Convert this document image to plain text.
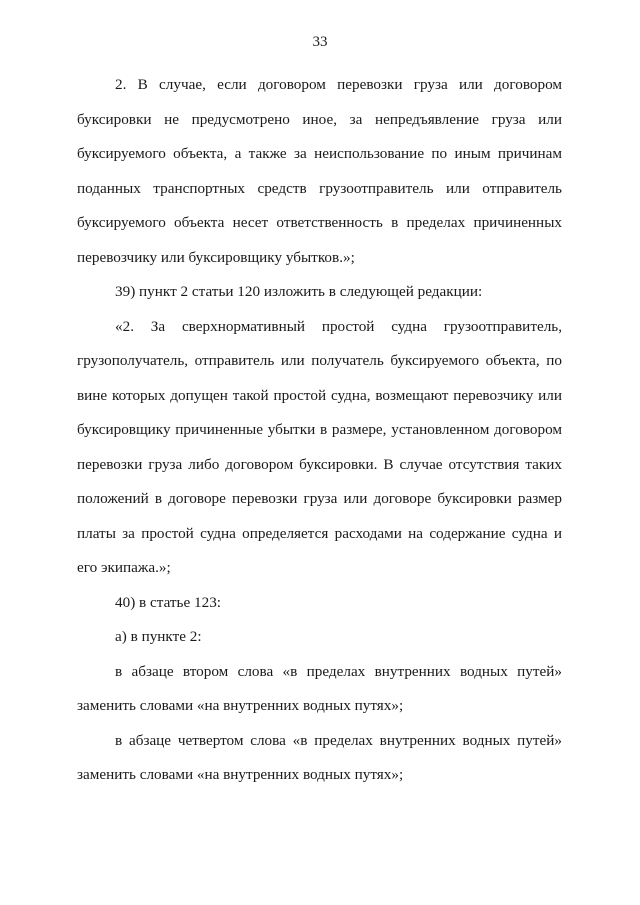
33

2. В случае, если договором перевозки груза или договором буксировки не предусмотрено иное, за непредъявление груза или буксируемого объекта, а также за неиспользование по иным причинам поданных транспортных средств грузоотправитель или отправитель буксируемого объекта несет ответственность в пределах причиненных перевозчику или буксировщику убытков.»;

39) пункт 2 статьи 120 изложить в следующей редакции:

«2. За сверхнормативный простой судна грузоотправитель, грузополучатель, отправитель или получатель буксируемого объекта, по вине которых допущен такой простой судна, возмещают перевозчику или буксировщику причиненные убытки в размере, установленном договором перевозки груза либо договором буксировки. В случае отсутствия таких положений в договоре перевозки груза или договоре буксировки размер платы за простой судна определяется расходами на содержание судна и его экипажа.»;

40) в статье 123:

а) в пункте 2:

в абзаце втором слова «в пределах внутренних водных путей» заменить словами «на внутренних водных путях»;

в абзаце четвертом слова «в пределах внутренних водных путей» заменить словами «на внутренних водных путях»;
